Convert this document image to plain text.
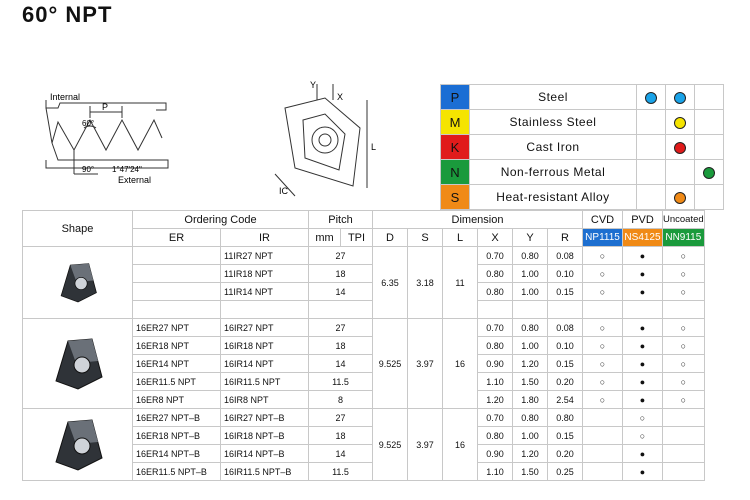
60° NPT
Internal
P
60°
90° 1°47'24"
External
Y
X
L
IC
P	Steel			
M	Stainless Steel			
K	Cast Iron			
N	Non-ferrous Metal			
S	Heat-resistant Alloy			
Shape	Ordering Code		Pitch		Dimension						CVD	PVD	Uncoated
	ER	IR	mm	TPI	D	S	L	X	Y	R	NP1115	NS4125	NN9115
		11IR27 NPT	27		6.35	3.18	11	0.70	0.80	0.08	○	●	○
		11IR18 NPT	18					0.80	1.00	0.10	○	●	○
		11IR14 NPT	14					0.80	1.00	0.15	○	●	○

	16ER27 NPT	16IR27 NPT	27		9.525	3.97	16	0.70	0.80	0.08	○	●	○
	16ER18 NPT	16IR18 NPT	18					0.80	1.00	0.10	○	●	○
	16ER14 NPT	16IR14 NPT	14					0.90	1.20	0.15	○	●	○
	16ER11.5 NPT	16IR11.5 NPT	11.5					1.10	1.50	0.20	○	●	○
	16ER8 NPT	16IR8 NPT	8					1.20	1.80	2.54	○	●	○
	16ER27 NPT–B	16IR27 NPT–B	27		9.525	3.97	16	0.70	0.80	0.80		○	
	16ER18 NPT–B	16IR18 NPT–B	18					0.80	1.00	0.15		○	
	16ER14 NPT–B	16IR14 NPT–B	14					0.90	1.20	0.20		●	
	16ER11.5 NPT–B	16IR11.5 NPT–B	11.5					1.10	1.50	0.25		●	
